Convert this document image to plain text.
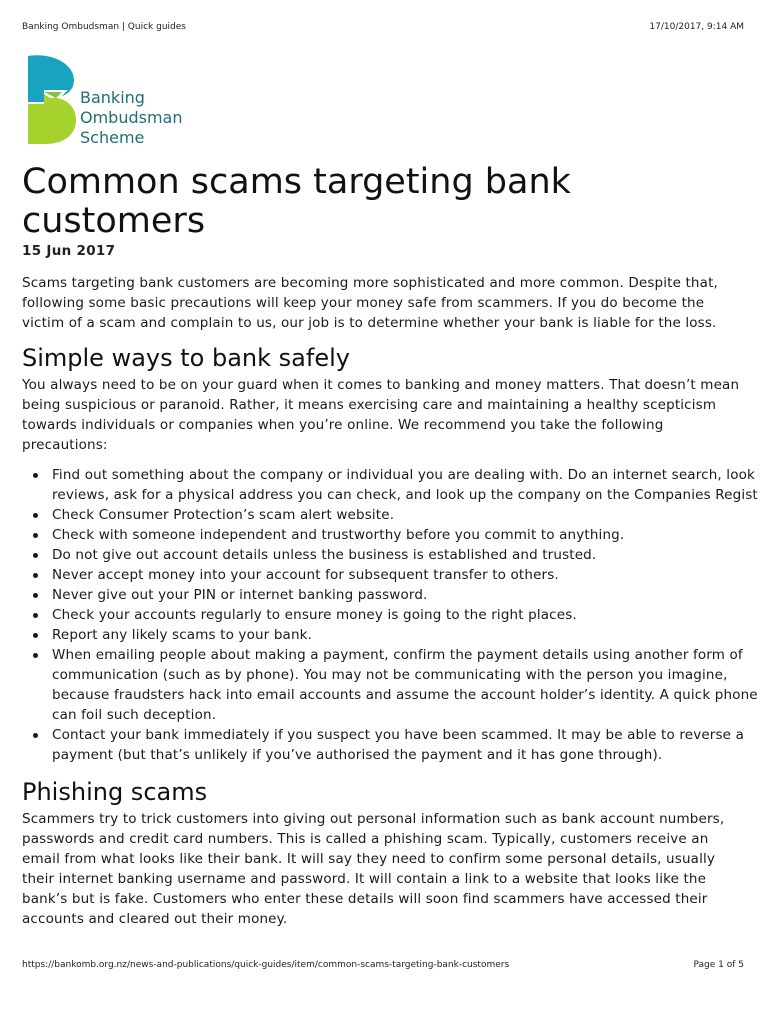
Banking Ombudsman | Quick guides	17/10/2017, 9:14 AM
Banking
Ombudsman
Scheme
Common scams targeting bank customers
15 Jun 2017

Scams targeting bank customers are becoming more sophisticated and more common. Despite that, following some basic precautions will keep your money safe from scammers. If you do become the victim of a scam and complain to us, our job is to determine whether your bank is liable for the loss.

Simple ways to bank safely

You always need to be on your guard when it comes to banking and money matters. That doesn’t mean being suspicious or paranoid. Rather, it means exercising care and maintaining a healthy scepticism towards individuals or companies when you’re online. We recommend you take the following precautions:

Find out something about the company or individual you are dealing with. Do an internet search, look
reviews, ask for a physical address you can check, and look up the company on the Companies Regist
Check Consumer Protection’s scam alert website.
Check with someone independent and trustworthy before you commit to anything.
Do not give out account details unless the business is established and trusted.
Never accept money into your account for subsequent transfer to others.
Never give out your PIN or internet banking password.
Check your accounts regularly to ensure money is going to the right places.
Report any likely scams to your bank.
When emailing people about making a payment, confirm the payment details using another form of
communication (such as by phone). You may not be communicating with the person you imagine,
because fraudsters hack into email accounts and assume the account holder’s identity. A quick phone
can foil such deception.
Contact your bank immediately if you suspect you have been scammed. It may be able to reverse a
payment (but that’s unlikely if you’ve authorised the payment and it has gone through).
Phishing scams

Scammers try to trick customers into giving out personal information such as bank account numbers, passwords and credit card numbers. This is called a phishing scam. Typically, customers receive an email from what looks like their bank. It will say they need to confirm some personal details, usually their internet banking username and password. It will contain a link to a website that looks like the bank’s but is fake. Customers who enter these details will soon find scammers have accessed their accounts and cleared out their money.

https://bankomb.org.nz/news-and-publications/quick-guides/item/common-scams-targeting-bank-customers	Page 1 of 5
